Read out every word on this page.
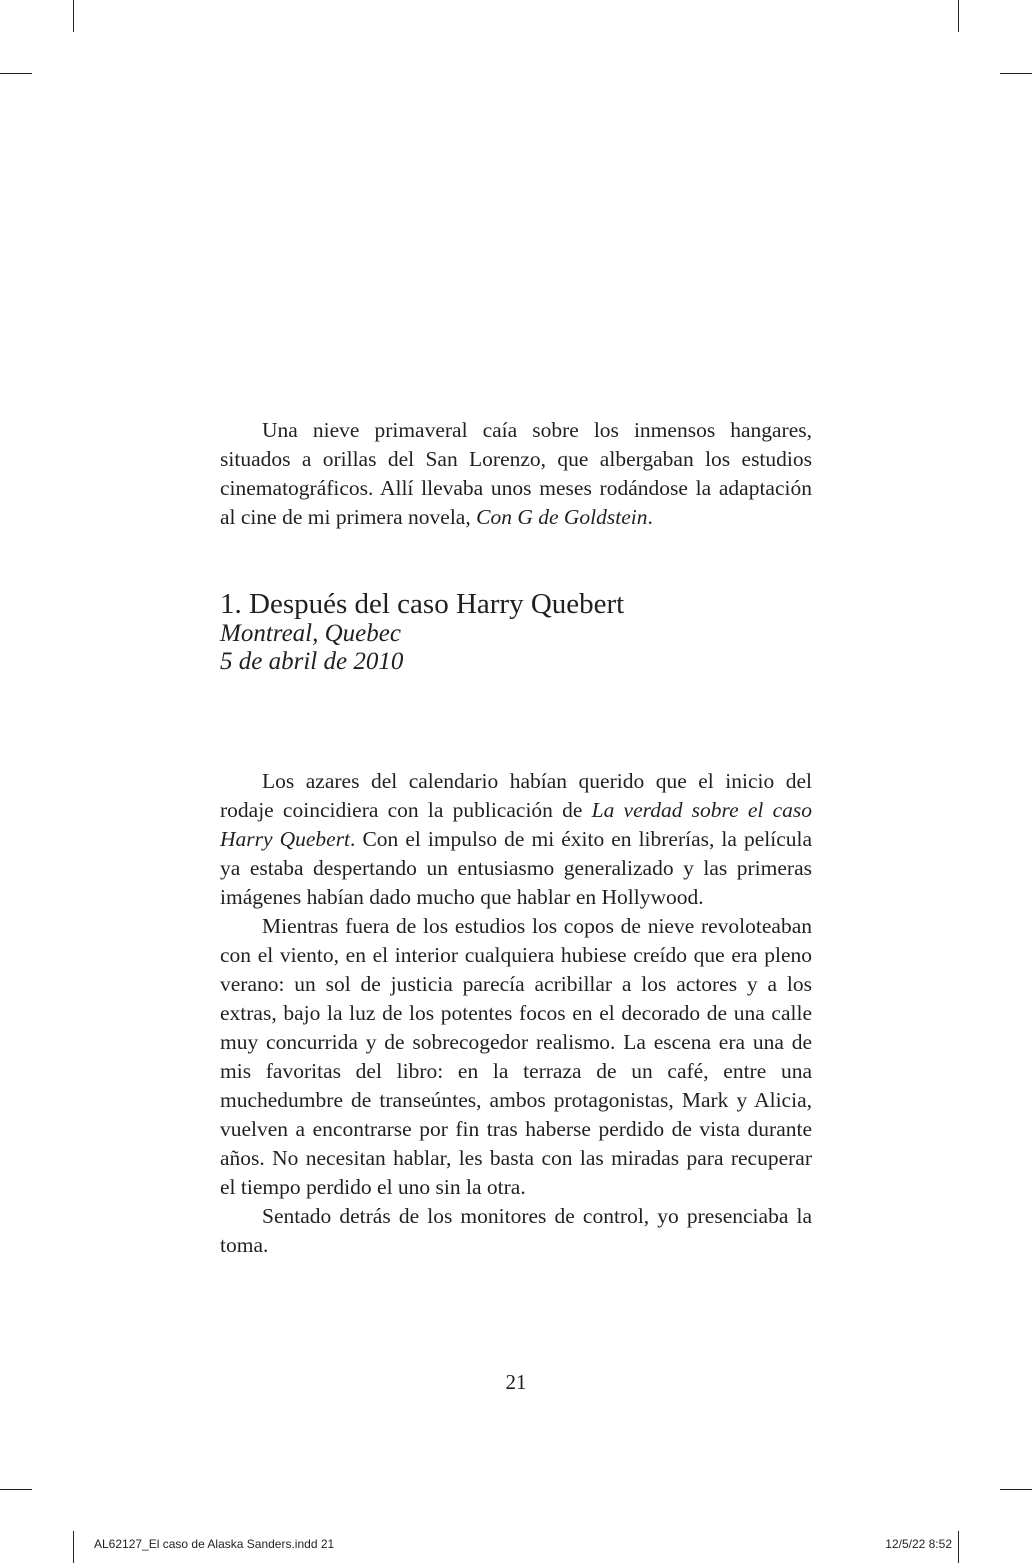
Una nieve primaveral caía sobre los inmensos hangares, situados a orillas del San Lorenzo, que albergaban los estudios cinematográficos. Allí llevaba unos meses rodándose la adaptación al cine de mi primera novela, Con G de Goldstein.

1. Después del caso Harry Quebert
Montreal, Quebec
5 de abril de 2010

Los azares del calendario habían querido que el inicio del rodaje coincidiera con la publicación de La verdad sobre el caso Harry Quebert. Con el impulso de mi éxito en librerías, la película ya estaba despertando un entusiasmo generalizado y las primeras imágenes habían dado mucho que hablar en Hollywood.

Mientras fuera de los estudios los copos de nieve revoloteaban con el viento, en el interior cualquiera hubiese creído que era pleno verano: un sol de justicia parecía acribillar a los actores y a los extras, bajo la luz de los potentes focos en el decorado de una calle muy concurrida y de sobrecogedor realismo. La escena era una de mis favoritas del libro: en la terraza de un café, entre una muchedumbre de transeúntes, ambos protagonistas, Mark y Alicia, vuelven a encontrarse por fin tras haberse perdido de vista durante años. No necesitan hablar, les basta con las miradas para recuperar el tiempo perdido el uno sin la otra.

Sentado detrás de los monitores de control, yo presenciaba la toma.

21
AL62127_El caso de Alaska Sanders.indd 21	12/5/22 8:52
